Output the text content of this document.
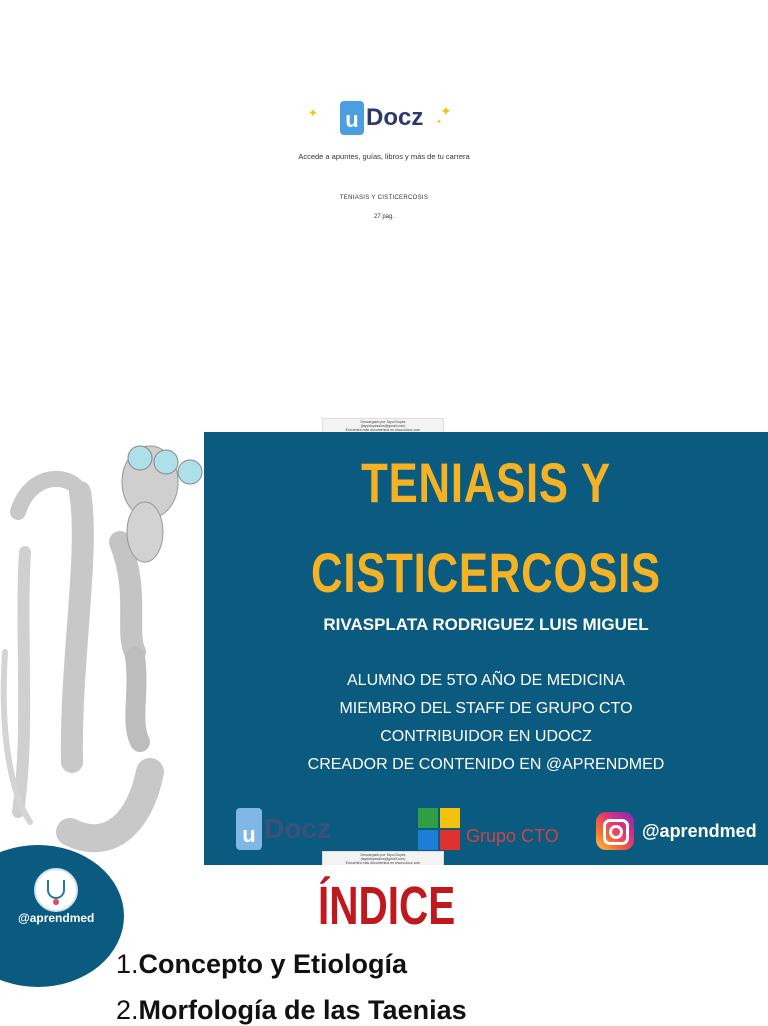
✦ u Docz ✦
✦
Accede a apuntes, guías, libros y más de tu carrera
TENIASIS Y CISTICERCOSIS
27 pag.
Descargado por Tayul Duyes
(taysiduyesalos@gmail.com)
Encuentra más documentos en www.udocz.com
TENIASIS Y
CISTICERCOSIS
RIVASPLATA RODRIGUEZ LUIS MIGUEL
ALUMNO DE 5TO AÑO DE MEDICINA
MIEMBRO DEL STAFF DE GRUPO CTO
CONTRIBUIDOR EN UDOCZ
CREADOR DE CONTENIDO EN @APRENDMED
u Docz	Grupo CTO	@aprendmed
Descargado por Tayul Duyes
(taysiduyesalos@gmail.com)
Encuentra más documentos en www.udocz.com
@aprendmed	ÍNDICE
1.Concepto y Etiología
2.Morfología de las Taenias
